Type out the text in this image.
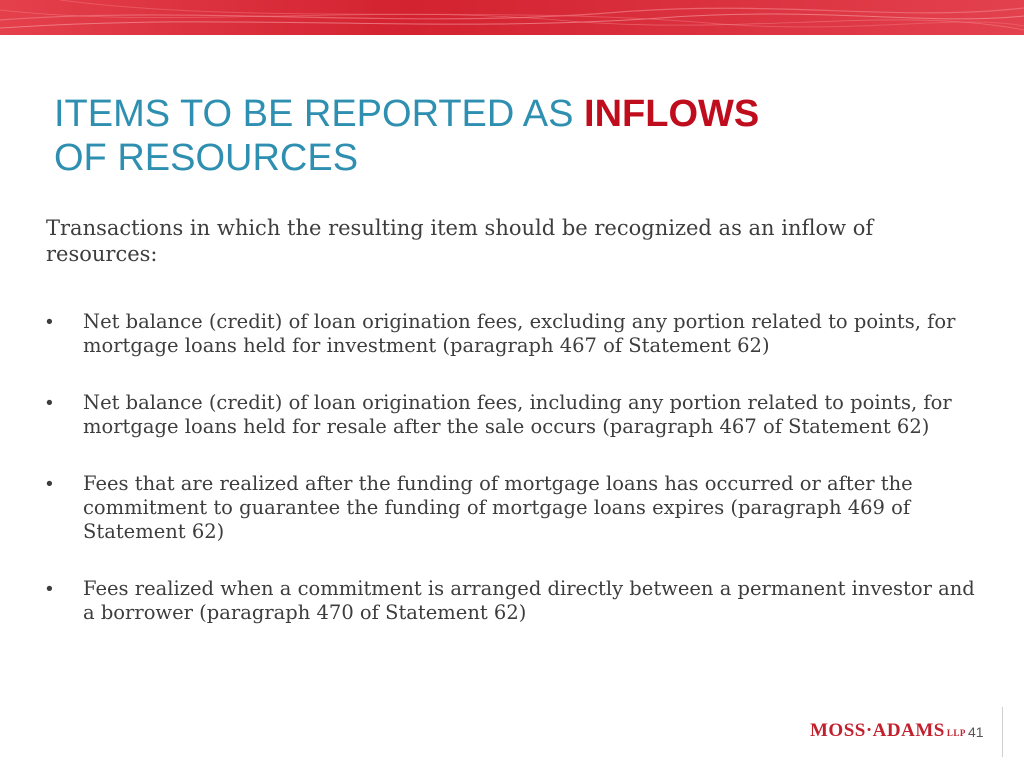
ITEMS TO BE REPORTED AS INFLOWS
OF RESOURCES

Transactions in which the resulting item should be recognized as an inflow of resources:

• Net balance (credit) of loan origination fees, excluding any portion related to points, for mortgage loans held for investment (paragraph 467 of Statement 62)
• Net balance (credit) of loan origination fees, including any portion related to points, for mortgage loans held for resale after the sale occurs (paragraph 467 of Statement 62)
• Fees that are realized after the funding of mortgage loans has occurred or after the commitment to guarantee the funding of mortgage loans expires (paragraph 469 of Statement 62)
• Fees realized when a commitment is arranged directly between a permanent investor and a borrower (paragraph 470 of Statement 62)
MOSS·ADAMS LLP 41
